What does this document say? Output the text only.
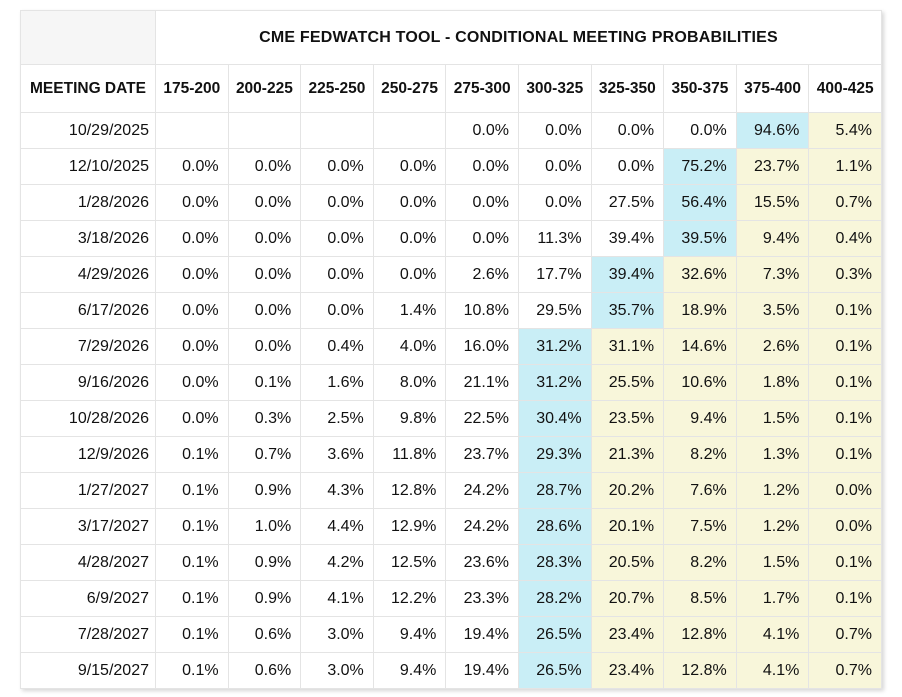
	CME FEDWATCH TOOL - CONDITIONAL MEETING PROBABILITIES									
MEETING DATE	175-200	200-225	225-250	250-275	275-300	300-325	325-350	350-375	375-400	400-425
10/29/2025					0.0%	0.0%	0.0%	0.0%	94.6%	5.4%
12/10/2025	0.0%	0.0%	0.0%	0.0%	0.0%	0.0%	0.0%	75.2%	23.7%	1.1%
1/28/2026	0.0%	0.0%	0.0%	0.0%	0.0%	0.0%	27.5%	56.4%	15.5%	0.7%
3/18/2026	0.0%	0.0%	0.0%	0.0%	0.0%	11.3%	39.4%	39.5%	9.4%	0.4%
4/29/2026	0.0%	0.0%	0.0%	0.0%	2.6%	17.7%	39.4%	32.6%	7.3%	0.3%
6/17/2026	0.0%	0.0%	0.0%	1.4%	10.8%	29.5%	35.7%	18.9%	3.5%	0.1%
7/29/2026	0.0%	0.0%	0.4%	4.0%	16.0%	31.2%	31.1%	14.6%	2.6%	0.1%
9/16/2026	0.0%	0.1%	1.6%	8.0%	21.1%	31.2%	25.5%	10.6%	1.8%	0.1%
10/28/2026	0.0%	0.3%	2.5%	9.8%	22.5%	30.4%	23.5%	9.4%	1.5%	0.1%
12/9/2026	0.1%	0.7%	3.6%	11.8%	23.7%	29.3%	21.3%	8.2%	1.3%	0.1%
1/27/2027	0.1%	0.9%	4.3%	12.8%	24.2%	28.7%	20.2%	7.6%	1.2%	0.0%
3/17/2027	0.1%	1.0%	4.4%	12.9%	24.2%	28.6%	20.1%	7.5%	1.2%	0.0%
4/28/2027	0.1%	0.9%	4.2%	12.5%	23.6%	28.3%	20.5%	8.2%	1.5%	0.1%
6/9/2027	0.1%	0.9%	4.1%	12.2%	23.3%	28.2%	20.7%	8.5%	1.7%	0.1%
7/28/2027	0.1%	0.6%	3.0%	9.4%	19.4%	26.5%	23.4%	12.8%	4.1%	0.7%
9/15/2027	0.1%	0.6%	3.0%	9.4%	19.4%	26.5%	23.4%	12.8%	4.1%	0.7%
